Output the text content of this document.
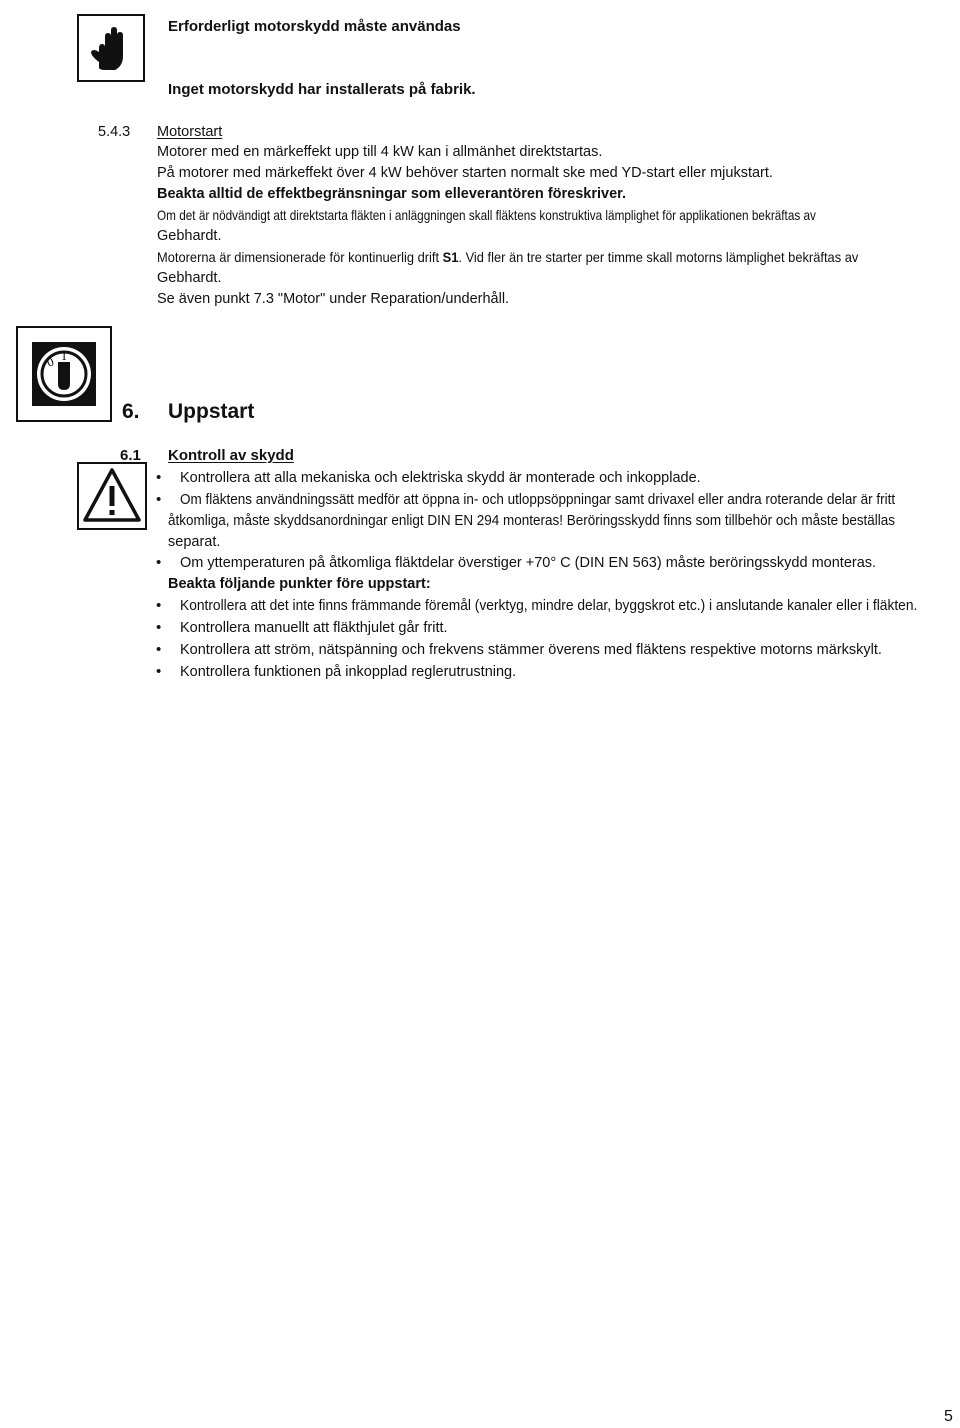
Erforderligt motorskydd måste användas
Inget motorskydd har installerats på fabrik.
5.4.3 Motorstart
Motorer med en märkeffekt upp till 4 kW kan i allmänhet direktstartas.
På motorer med märkeffekt över 4 kW behöver starten normalt ske med YD-start eller mjukstart.
Beakta alltid de effektbegränsningar som elleverantören föreskriver.
Om det är nödvändigt att direktstarta fläkten i anläggningen skall fläktens konstruktiva lämplighet för applikationen bekräftas av
Gebhardt.
Motorerna är dimensionerade för kontinuerlig drift S1. Vid fler än tre starter per timme skall motorns lämplighet bekräftas av
Gebhardt.
Se även punkt 7.3 "Motor" under Reparation/underhåll.
0 I
6. Uppstart
6.1 Kontroll av skydd
• Kontrollera att alla mekaniska och elektriska skydd är monterade och inkopplade.
• Om fläktens användningssätt medför att öppna in- och utloppsöppningar samt drivaxel eller andra roterande delar är fritt
åtkomliga, måste skyddsanordningar enligt DIN EN 294 monteras! Beröringsskydd finns som tillbehör och måste beställas
separat.
• Om yttemperaturen på åtkomliga fläktdelar överstiger +70° C (DIN EN 563) måste beröringsskydd monteras.
Beakta följande punkter före uppstart:
• Kontrollera att det inte finns främmande föremål (verktyg, mindre delar, byggskrot etc.) i anslutande kanaler eller i fläkten.
• Kontrollera manuellt att fläkthjulet går fritt.
• Kontrollera att ström, nätspänning och frekvens stämmer överens med fläktens respektive motorns märkskylt.
• Kontrollera funktionen på inkopplad reglerutrustning.
5
